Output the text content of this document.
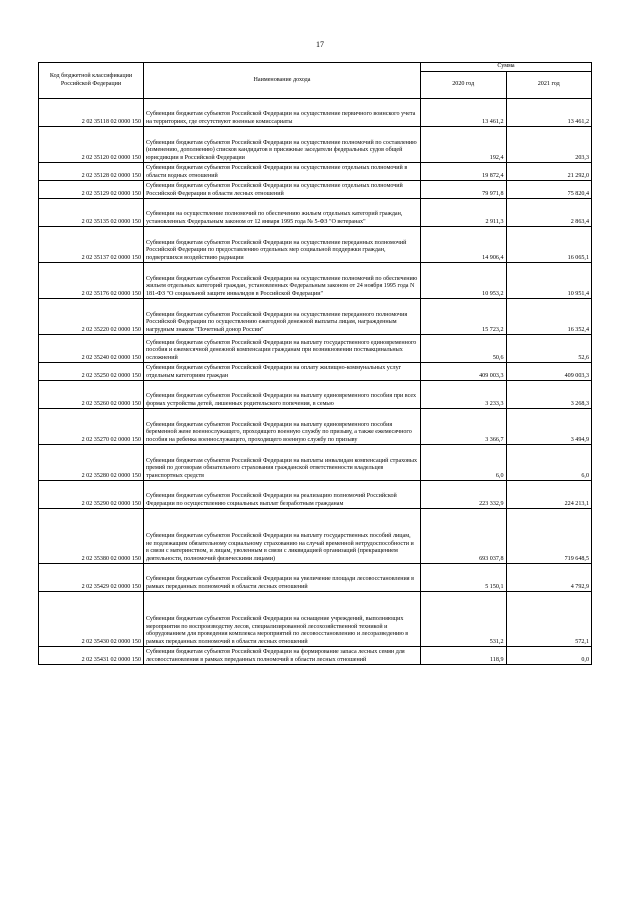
17
Код бюджетной классификации Российской Федерации	Наименование дохода	Сумма	
		2020 год	2021 год
2 02 35118 02 0000 150	Субвенции бюджетам субъектов Российской Федерации на осуществление первичного воинского учета на территориях, где отсутствуют военные комиссариаты	13 461,2	13 461,2
2 02 35120 02 0000 150	Субвенции бюджетам субъектов Российской Федерации на осуществление полномочий по составлению (изменению, дополнению) списков кандидатов в присяжные заседатели федеральных судов общей юрисдикции в Российской Федерации	192,4	203,3
2 02 35128 02 0000 150	Субвенции бюджетам субъектов Российской Федерации на осуществление отдельных полномочий в области водных отношений	19 872,4	21 292,0
2 02 35129 02 0000 150	Субвенции бюджетам субъектов Российской Федерации на осуществление отдельных полномочий Российской Федерации в области лесных отношений	79 971,8	75 820,4
2 02 35135 02 0000 150	Субвенции на осуществление полномочий по обеспечению жильем отдельных категорий граждан, установленных Федеральным законом от 12 января 1995 года № 5-ФЗ "О ветеранах"	2 911,3	2 863,4
2 02 35137 02 0000 150	Субвенции бюджетам субъектов Российской Федерации на осуществление переданных полномочий Российской Федерации по предоставлению отдельных мер социальной поддержки граждан, подвергшихся воздействию радиации	14 906,4	16 065,1
2 02 35176 02 0000 150	Субвенции бюджетам субъектов Российской Федерации на осуществление полномочий по обеспечению жильем отдельных категорий граждан, установленных Федеральным законом от 24 ноября 1995 года N 181-ФЗ "О социальной защите инвалидов в Российской Федерации"	10 953,2	10 951,4
2 02 35220 02 0000 150	Субвенции бюджетам субъектов Российской Федерации на осуществление переданного полномочия Российской Федерации по осуществлению ежегодной денежной выплаты лицам, награжденным нагрудным знаком "Почетный донор России"	15 723,2	16 352,4
2 02 35240 02 0000 150	Субвенции бюджетам субъектов Российской Федерации на выплату государственного единовременного пособия и ежемесячной денежной компенсации гражданам при возникновении поствакцинальных осложнений	50,6	52,6
2 02 35250 02 0000 150	Субвенции бюджетам субъектов Российской Федерации на оплату жилищно-коммунальных услуг отдельным категориям граждан	409 003,3	409 003,3
2 02 35260 02 0000 150	Субвенции бюджетам субъектов Российской Федерации на выплату единовременного пособия при всех формах устройства детей, лишенных родительского попечения, в семью	3 233,3	3 268,3
2 02 35270 02 0000 150	Субвенции бюджетам субъектов Российской Федерации на выплату единовременного пособия беременной жене военнослужащего, проходящего военную службу по призыву, а также ежемесячного пособия на ребенка военнослужащего, проходящего военную службу по призыву	3 366,7	3 494,9
2 02 35280 02 0000 150	Субвенции бюджетам субъектов Российской Федерации на выплаты инвалидам компенсаций страховых премий по договорам обязательного страхования гражданской ответственности владельцев транспортных средств	6,0	6,0
2 02 35290 02 0000 150	Субвенции бюджетам субъектов Российской Федерации на реализацию полномочий Российской Федерации по осуществлению социальных выплат безработным гражданам	223 332,9	224 213,1
2 02 35380 02 0000 150	Субвенции бюджетам субъектов Российской Федерации на выплату государственных пособий лицам, не подлежащим обязательному социальному страхованию на случай временной нетрудоспособности и в связи с материнством, и лицам, уволенным в связи с ликвидацией организаций (прекращением деятельности, полномочий физическими лицами)	693 037,8	719 648,5
2 02 35429 02 0000 150	Субвенции бюджетам субъектов Российской Федерации на увеличение площади лесовосстановления в рамках переданных полномочий в области лесных отношений	5 150,1	4 792,9
2 02 35430 02 0000 150	Субвенции бюджетам субъектов Российской Федерации на оснащение учреждений, выполняющих мероприятия по воспроизводству лесов, специализированной лесохозяйственной техникой и оборудованием для проведения комплекса мероприятий по лесовосстановлению и лесоразведению в рамках переданных полномочий в области лесных отношений	531,2	572,1
2 02 35431 02 0000 150	Субвенции бюджетам субъектов Российской Федерации на формирование запаса лесных семян для лесовосстановления в рамках переданных полномочий в области лесных отношений	118,9	0,0
